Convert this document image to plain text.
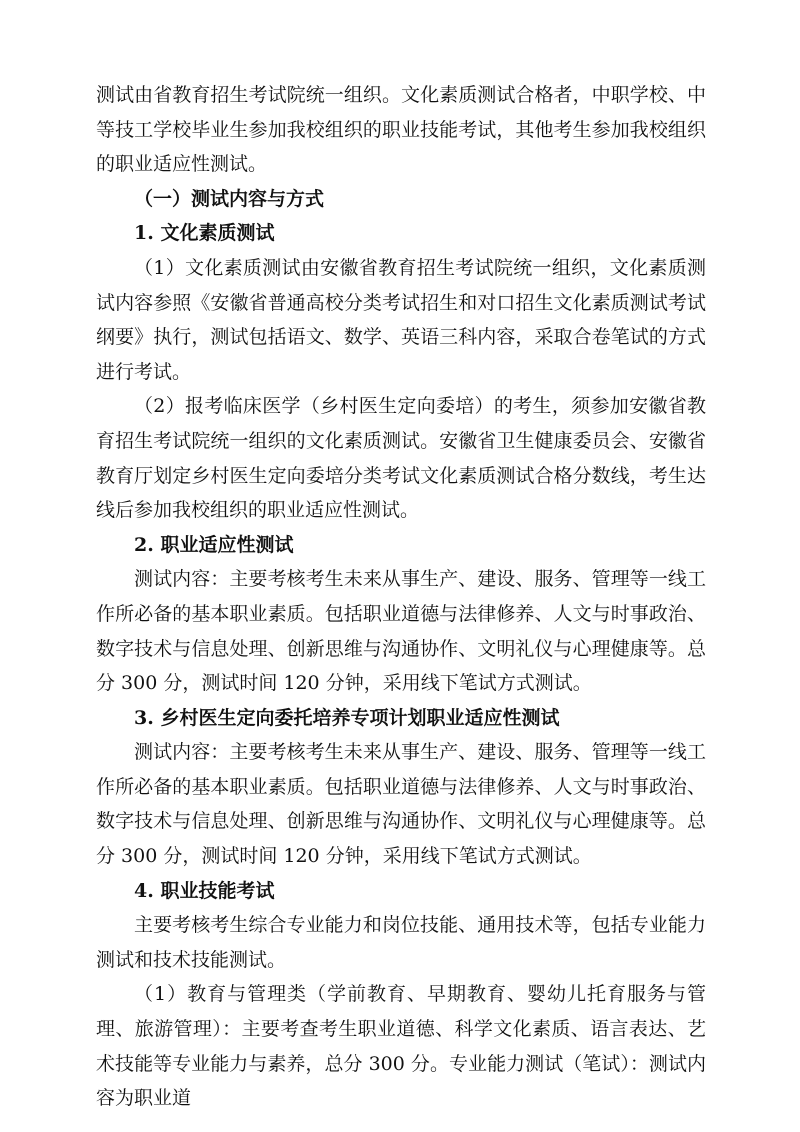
测试由省教育招生考试院统一组织。文化素质测试合格者，中职学校、中等技工学校毕业生参加我校组织的职业技能考试，其他考生参加我校组织的职业适应性测试。

（一）测试内容与方式

1. 文化素质测试

（1）文化素质测试由安徽省教育招生考试院统一组织，文化素质测试内容参照《安徽省普通高校分类考试招生和对口招生文化素质测试考试纲要》执行，测试包括语文、数学、英语三科内容，采取合卷笔试的方式进行考试。

（2）报考临床医学（乡村医生定向委培）的考生，须参加安徽省教育招生考试院统一组织的文化素质测试。安徽省卫生健康委员会、安徽省教育厅划定乡村医生定向委培分类考试文化素质测试合格分数线，考生达线后参加我校组织的职业适应性测试。

2. 职业适应性测试

测试内容：主要考核考生未来从事生产、建设、服务、管理等一线工作所必备的基本职业素质。包括职业道德与法律修养、人文与时事政治、数字技术与信息处理、创新思维与沟通协作、文明礼仪与心理健康等。总分 300 分，测试时间 120 分钟，采用线下笔试方式测试。

3. 乡村医生定向委托培养专项计划职业适应性测试

测试内容：主要考核考生未来从事生产、建设、服务、管理等一线工作所必备的基本职业素质。包括职业道德与法律修养、人文与时事政治、数字技术与信息处理、创新思维与沟通协作、文明礼仪与心理健康等。总分 300 分，测试时间 120 分钟，采用线下笔试方式测试。

4. 职业技能考试

主要考核考生综合专业能力和岗位技能、通用技术等，包括专业能力测试和技术技能测试。

（1）教育与管理类（学前教育、早期教育、婴幼儿托育服务与管理、旅游管理）：主要考查考生职业道德、科学文化素质、语言表达、艺术技能等专业能力与素养，总分 300 分。专业能力测试（笔试）：测试内容为职业道
